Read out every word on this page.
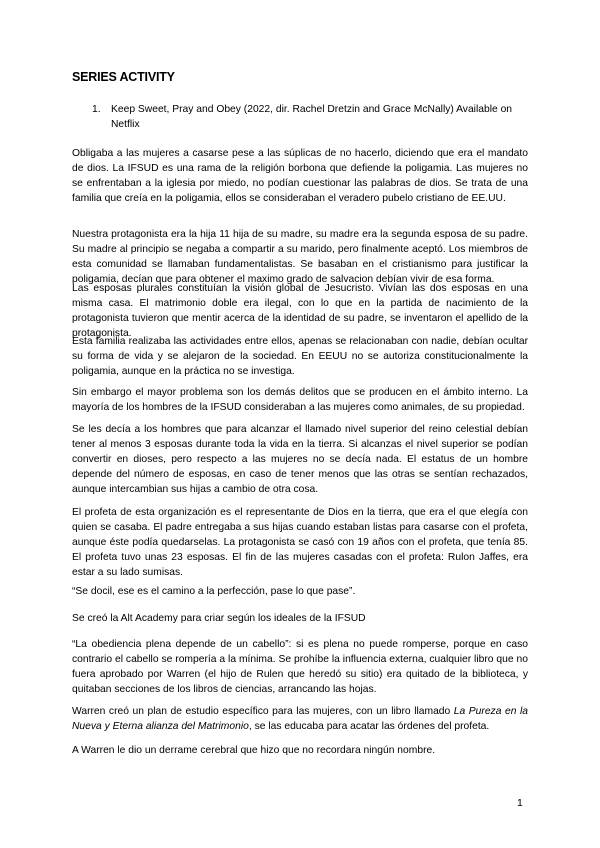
SERIES ACTIVITY
1. Keep Sweet, Pray and Obey (2022, dir. Rachel Dretzin and Grace McNally) Available on Netflix
Obligaba a las mujeres a casarse pese a las súplicas de no hacerlo, diciendo que era el mandato de dios. La IFSUD es una rama de la religión borbona que defiende la poligamia. Las mujeres no se enfrentaban a la iglesia por miedo, no podían cuestionar las palabras de dios. Se trata de una familia que creía en la poligamia, ellos se consideraban el veradero pubelo cristiano de EE.UU.
Nuestra protagonista era la hija 11 hija de su madre, su madre era la segunda esposa de su padre. Su madre al principio se negaba a compartir a su marido, pero finalmente aceptó. Los miembros de esta comunidad se llamaban fundamentalistas. Se basaban en el cristianismo para justificar la poligamia, decían que para obtener el maximo grado de salvacion debían vivir de esa forma.
Las esposas plurales constituían la visión global de Jesucristo. Vivían las dos esposas en una misma casa. El matrimonio doble era ilegal, con lo que en la partida de nacimiento de la protagonista tuvieron que mentir acerca de la identidad de su padre, se inventaron el apellido de la protagonista.
Esta familia realizaba las actividades entre ellos, apenas se relacionaban con nadie, debían ocultar su forma de vida y se alejaron de la sociedad. En EEUU no se autoriza constitucionalmente la poligamia, aunque en la práctica no se investiga.
Sin embargo el mayor problema son los demás delitos que se producen en el ámbito interno. La mayoría de los hombres de la IFSUD consideraban a las mujeres como animales, de su propiedad.
Se les decía a los hombres que para alcanzar el llamado nivel superior del reino celestial debían tener al menos 3 esposas durante toda la vida en la tierra. Si alcanzas el nivel superior se podían convertir en dioses, pero respecto a las mujeres no se decía nada. El estatus de un hombre depende del número de esposas, en caso de tener menos que las otras se sentían rechazados, aunque intercambian sus hijas a cambio de otra cosa.
El profeta de esta organización es el representante de Dios en la tierra, que era el que elegía con quien se casaba. El padre entregaba a sus hijas cuando estaban listas para casarse con el profeta, aunque éste podía quedarselas. La protagonista se casó con 19 años con el profeta, que tenía 85. El profeta tuvo unas 23 esposas. El fin de las mujeres casadas con el profeta: Rulon Jaffes, era estar a su lado sumisas.
“Se docil, ese es el camino a la perfección, pase lo que pase”.
Se creó la Alt Academy para criar según los ideales de la IFSUD
“La obediencia plena depende de un cabello”: si es plena no puede romperse, porque en caso contrario el cabello se rompería a la mínima. Se prohíbe la influencia externa, cualquier libro que no fuera aprobado por Warren (el hijo de Rulen que heredó su sitio) era quitado de la biblioteca, y quitaban secciones de los libros de ciencias, arrancando las hojas.
Warren creó un plan de estudio específico para las mujeres, con un libro llamado La Pureza en la Nueva y Eterna alianza del Matrimonio, se las educaba para acatar las órdenes del profeta.
A Warren le dio un derrame cerebral que hizo que no recordara ningún nombre.
1
